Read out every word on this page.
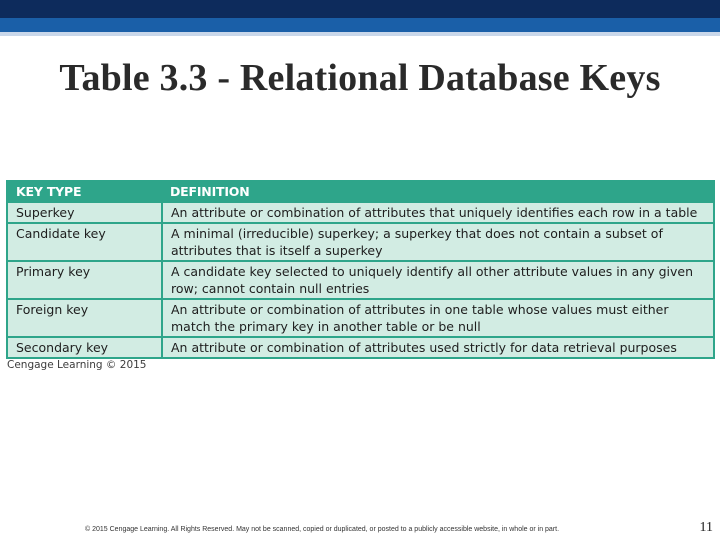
Table 3.3 - Relational Database Keys
KEY TYPE	DEFINITION
Superkey	An attribute or combination of attributes that uniquely identifies each row in a table
Candidate key	A minimal (irreducible) superkey; a superkey that does not contain a subset of attributes that is itself a superkey
Primary key	A candidate key selected to uniquely identify all other attribute values in any given row; cannot contain null entries
Foreign key	An attribute or combination of attributes in one table whose values must either match the primary key in another table or be null
Secondary key	An attribute or combination of attributes used strictly for data retrieval purposes
Cengage Learning © 2015
© 2015 Cengage Learning. All Rights Reserved. May not be scanned, copied or duplicated, or posted to a publicly accessible website, in whole or in part.	11
